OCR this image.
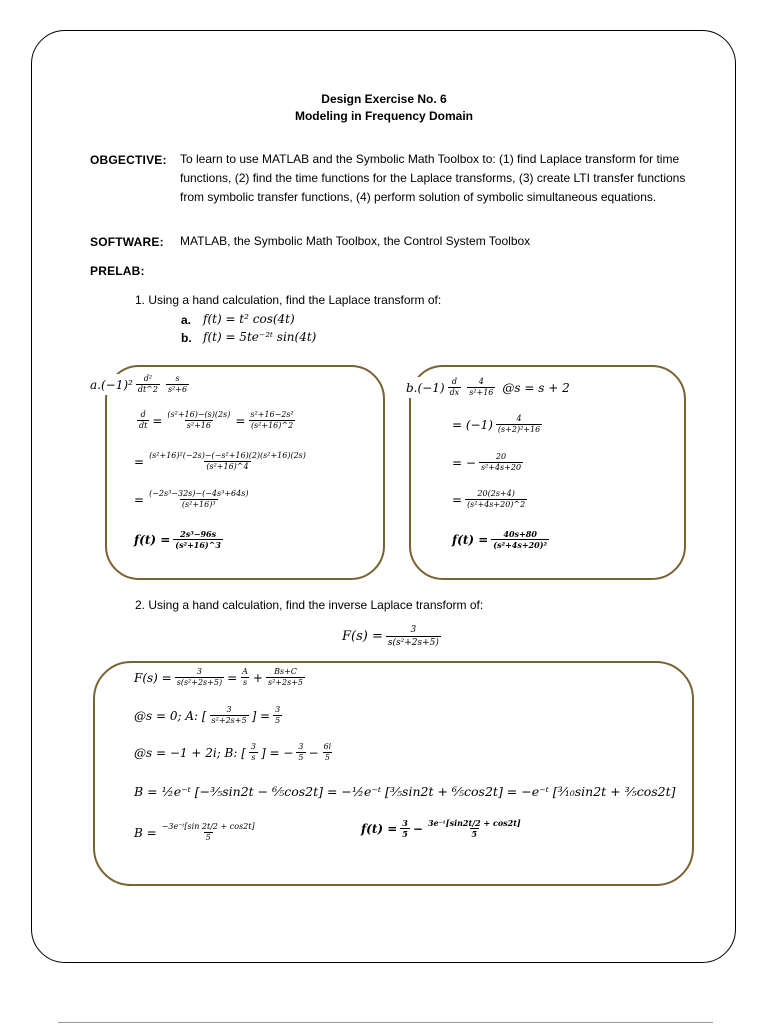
Design Exercise No. 6
Modeling in Frequency Domain
OBGECTIVE: To learn to use MATLAB and the Symbolic Math Toolbox to: (1) find Laplace transform for time functions, (2) find the time functions for the Laplace transforms, (3) create LTI transfer functions from symbolic transfer functions, (4) perform solution of symbolic simultaneous equations.
SOFTWARE: MATLAB, the Symbolic Math Toolbox, the Control System Toolbox
PRELAB:
1. Using a hand calculation, find the Laplace transform of:
a. f(t) = t² cos(4t)
b. f(t) = 5te⁻²ᵗ sin(4t)
$a.(-1)^2 \frac{\text{d²}}{dt\^{}2} \frac{s}{\text{s²+6}}$
$\frac{d}{dt} = \frac{\text{(s²+16)−(s)(2s)}}{\text{s²+16}} = \frac{\text{s²+16−2s²}}{\text{(s²+16)\textasciicircum{}2}}$
= $\frac{\text{(s²+16)²(−2s)−(−s²+16)(2)(s²+16)(2s)}}{\text{(s²+16)\textasciicircum{}4}}$
= $\frac{\text{(−2s³−32s)−(−4s³+64s)}}{\text{(s²+16)³}}$
$f(t) = \frac{\text{2s³−96s}}{\text{(s²+16)\textasciicircum{}3}}$
$b.(-1) \frac{d}{dx} \frac{4}{\text{s²+16}}$ @s = s + 2
= $(-1) \frac{4}{\text{(s+2)²+16}}$
= − $\frac{20}{\text{s²+4s+20}}$
= $\frac{20(2s+4)}{\text{(s²+4s+20)\textasciicircum{}2}}$
$f(t) = \frac{40s+80}{\text{(s²+4s+20)²}}$
2. Using a hand calculation, find the inverse Laplace transform of:
$F(s) = \frac{3}{\text{s(s²+2s+5)}}$
$F(s) = \frac{3}{\text{s(s²+2s+5)}} = \frac{A}{s} + \frac{Bs+C}{\text{s²+2s+5}}$
@s = 0; A: [ $\frac{3}{\text{s²+2s+5}}$ ] = $\frac{3}{5}$
@s = −1 + 2i; B: [ $\frac{3}{s}$ ] = − $\frac{3}{5} - \frac{6i}{5}$
B = ½e⁻ᵗ [−⅗sin2t − ⁶⁄₅cos2t] = −½e⁻ᵗ [⅗sin2t + ⁶⁄₅cos2t] = −e⁻ᵗ [³⁄₁₀sin2t + ⅗cos2t]
$B = \frac{\text{−3e⁻ᵗ[sin 2t/2 + cos2t]}}{5}$	$f(t) = \frac{3}{5} - \frac{\text{3e⁻ᵗ[sin2t/2 + cos2t]}}{5}$
